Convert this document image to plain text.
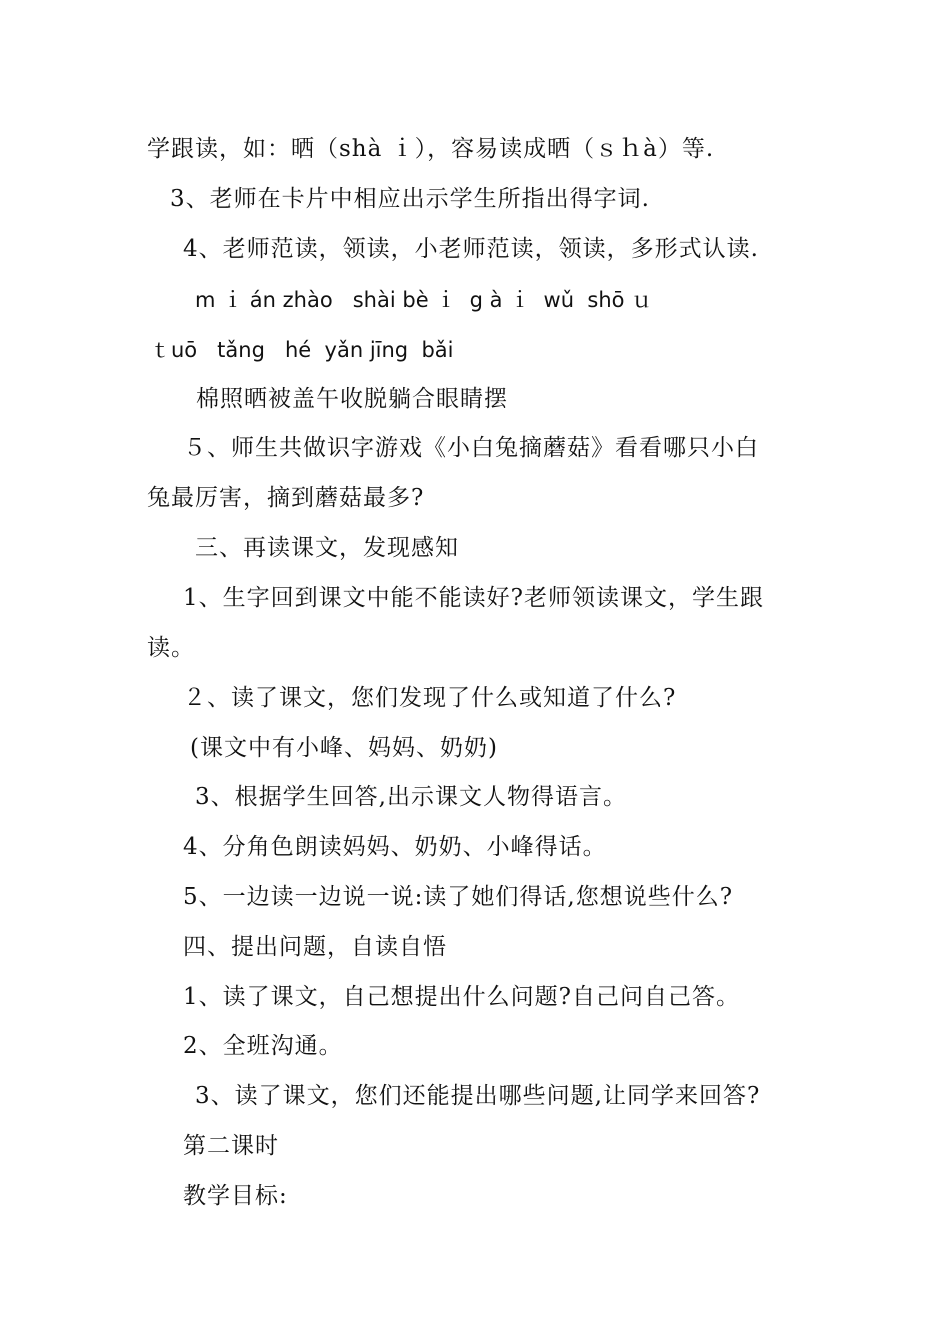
学跟读，如：晒（shà ｉ），容易读成晒（ｓｈà）等.
3、老师在卡片中相应出示学生所指出得字词.
4、老师范读，领读，小老师范读，领读，多形式认读.
m ｉ án zhào   shài bè ｉ  g à ｉ  wǔ  shō ｕ
ｔuō   tǎng   hé  yǎn jīng  bǎi
棉照晒被盖午收脱躺合眼睛摆
５、师生共做识字游戏《小白兔摘蘑菇》看看哪只小白
兔最厉害，摘到蘑菇最多?
三、再读课文，发现感知
1、生字回到课文中能不能读好?老师领读课文，学生跟
读。
２、读了课文，您们发现了什么或知道了什么?
(课文中有小峰、妈妈、奶奶)
3、根据学生回答,出示课文人物得语言。
4、分角色朗读妈妈、奶奶、小峰得话。
5、一边读一边说一说:读了她们得话,您想说些什么?
四、提出问题，自读自悟
1、读了课文，自己想提出什么问题?自己问自己答。
2、全班沟通。
3、读了课文，您们还能提出哪些问题,让同学来回答?
第二课时
教学目标:
